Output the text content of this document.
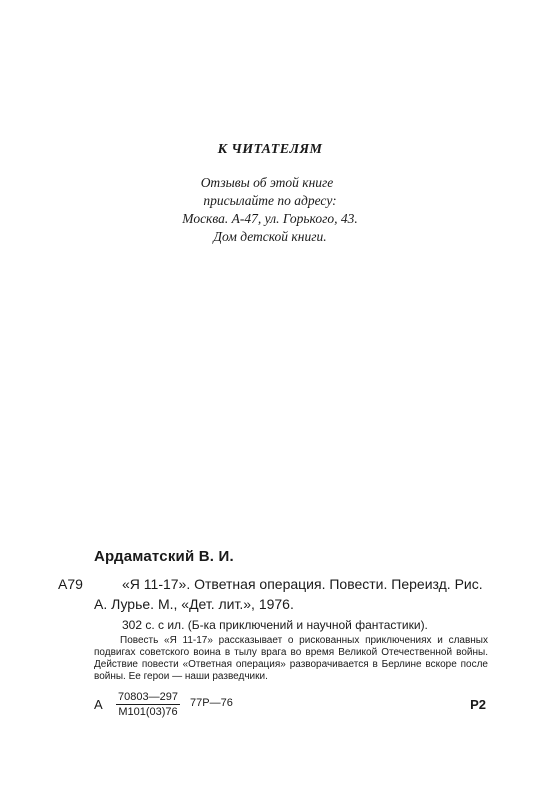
К ЧИТАТЕЛЯМ
Отзывы об этой книге
присылайте по адресу:
Москва. А-47, ул. Горького, 43.
Дом детской книги.
Ардаматский В. И.
А79	«Я 11-17». Ответная операция. Повести. Переизд. Рис. А. Лурье. М., «Дет. лит.», 1976.
302 с. с ил. (Б-ка приключений и научной фантастики).
Повесть «Я 11-17» рассказывает о рискованных приключениях и славных подвигах советского воина в тылу врага во время Великой Отечественной войны. Действие повести «Ответная операция» разворачивается в Берлине вскоре после войны. Ее герои — наши разведчики.
А 70803—297
М101(03)76
77Р—76	Р2
